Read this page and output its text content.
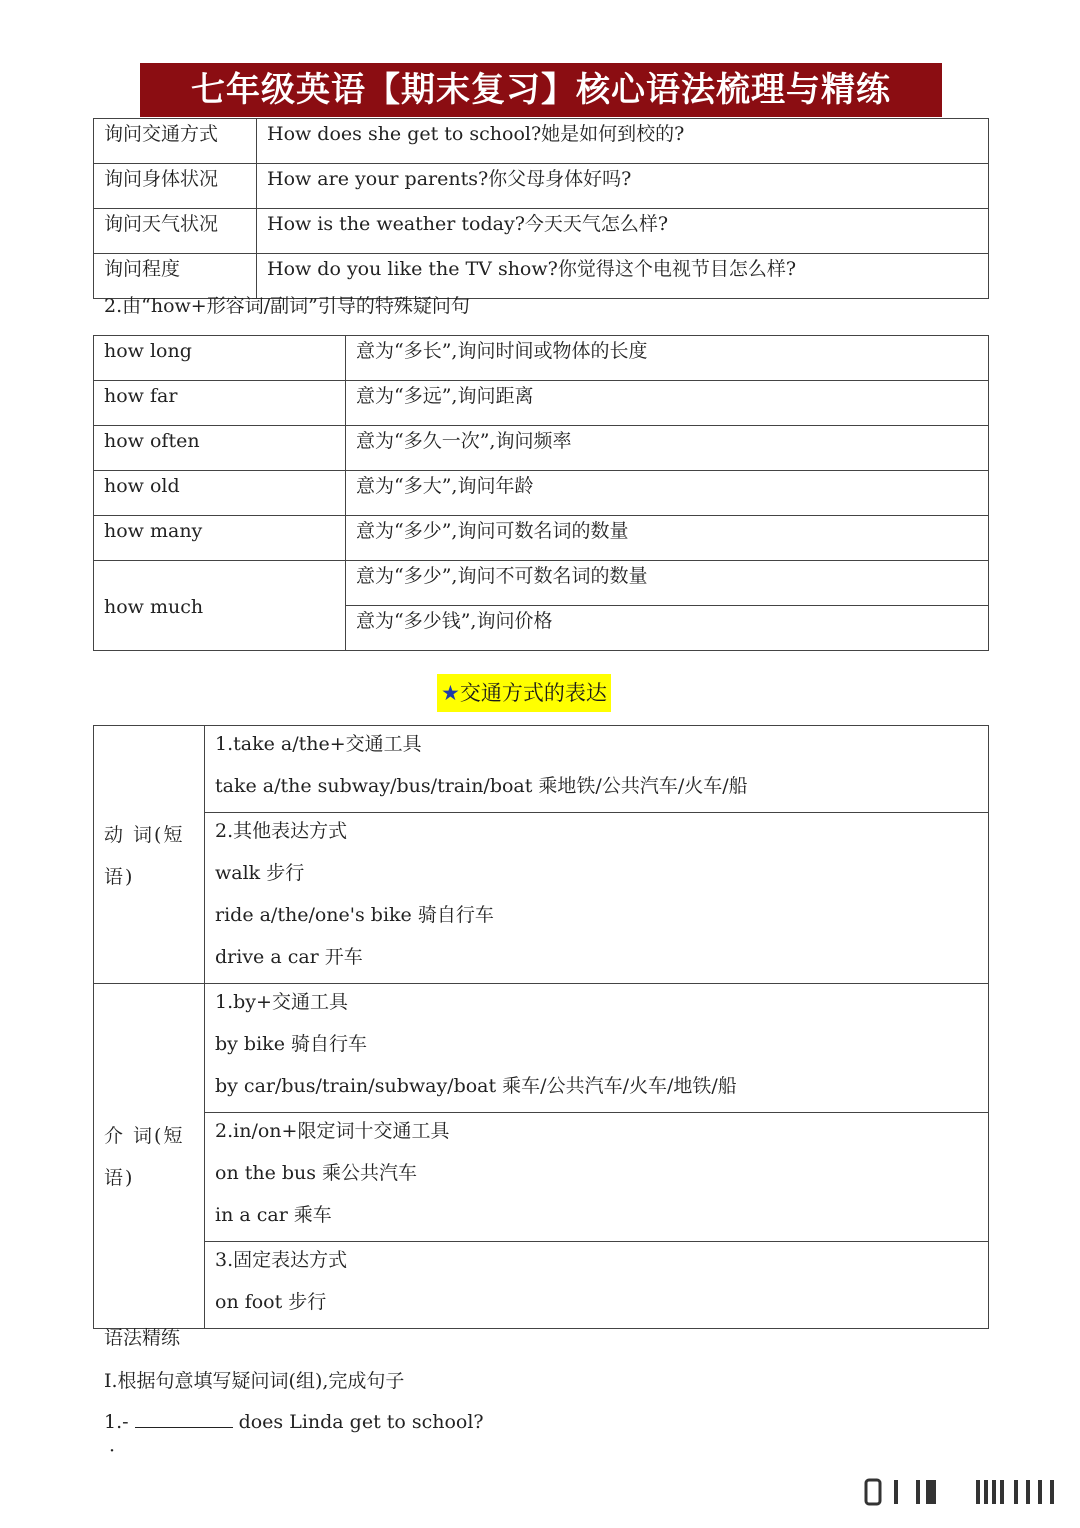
七年级英语【期末复习】核心语法梳理与精练
询问交通方式	How does she get to school?她是如何到校的?
询问身体状况	How are your parents?你父母身体好吗?
询问天气状况	How is the weather today?今天天气怎么样?
询问程度	How do you like the TV show?你觉得这个电视节目怎么样?
2.由“how+形容词/副词”引导的特殊疑问句
how long	意为“多长”,询问时间或物体的长度
how far	意为“多远”,询问距离
how often	意为“多久一次”,询问频率
how old	意为“多大”,询问年龄
how many	意为“多少”,询问可数名词的数量
how much	意为“多少”,询问不可数名词的数量
	意为“多少钱”,询问价格
★交通方式的表达
动 词(短语)	1.take a/the+交通工具
take a/the subway/bus/train/boat 乘地铁/公共汽车/火车/船

	2.其他表达方式
walk 步行
ride a/the/one's bike 骑自行车
drive a car 开车

介 词(短语)	1.by+交通工具
by bike 骑自行车
by car/bus/train/subway/boat 乘车/公共汽车/火车/地铁/船

	2.in/on+限定词十交通工具
on the bus 乘公共汽车
in a car 乘车

	3.固定表达方式
on foot 步行
语法精练
I.根据句意填写疑问词(组),完成句子
1.-	does Linda get to school?
·
